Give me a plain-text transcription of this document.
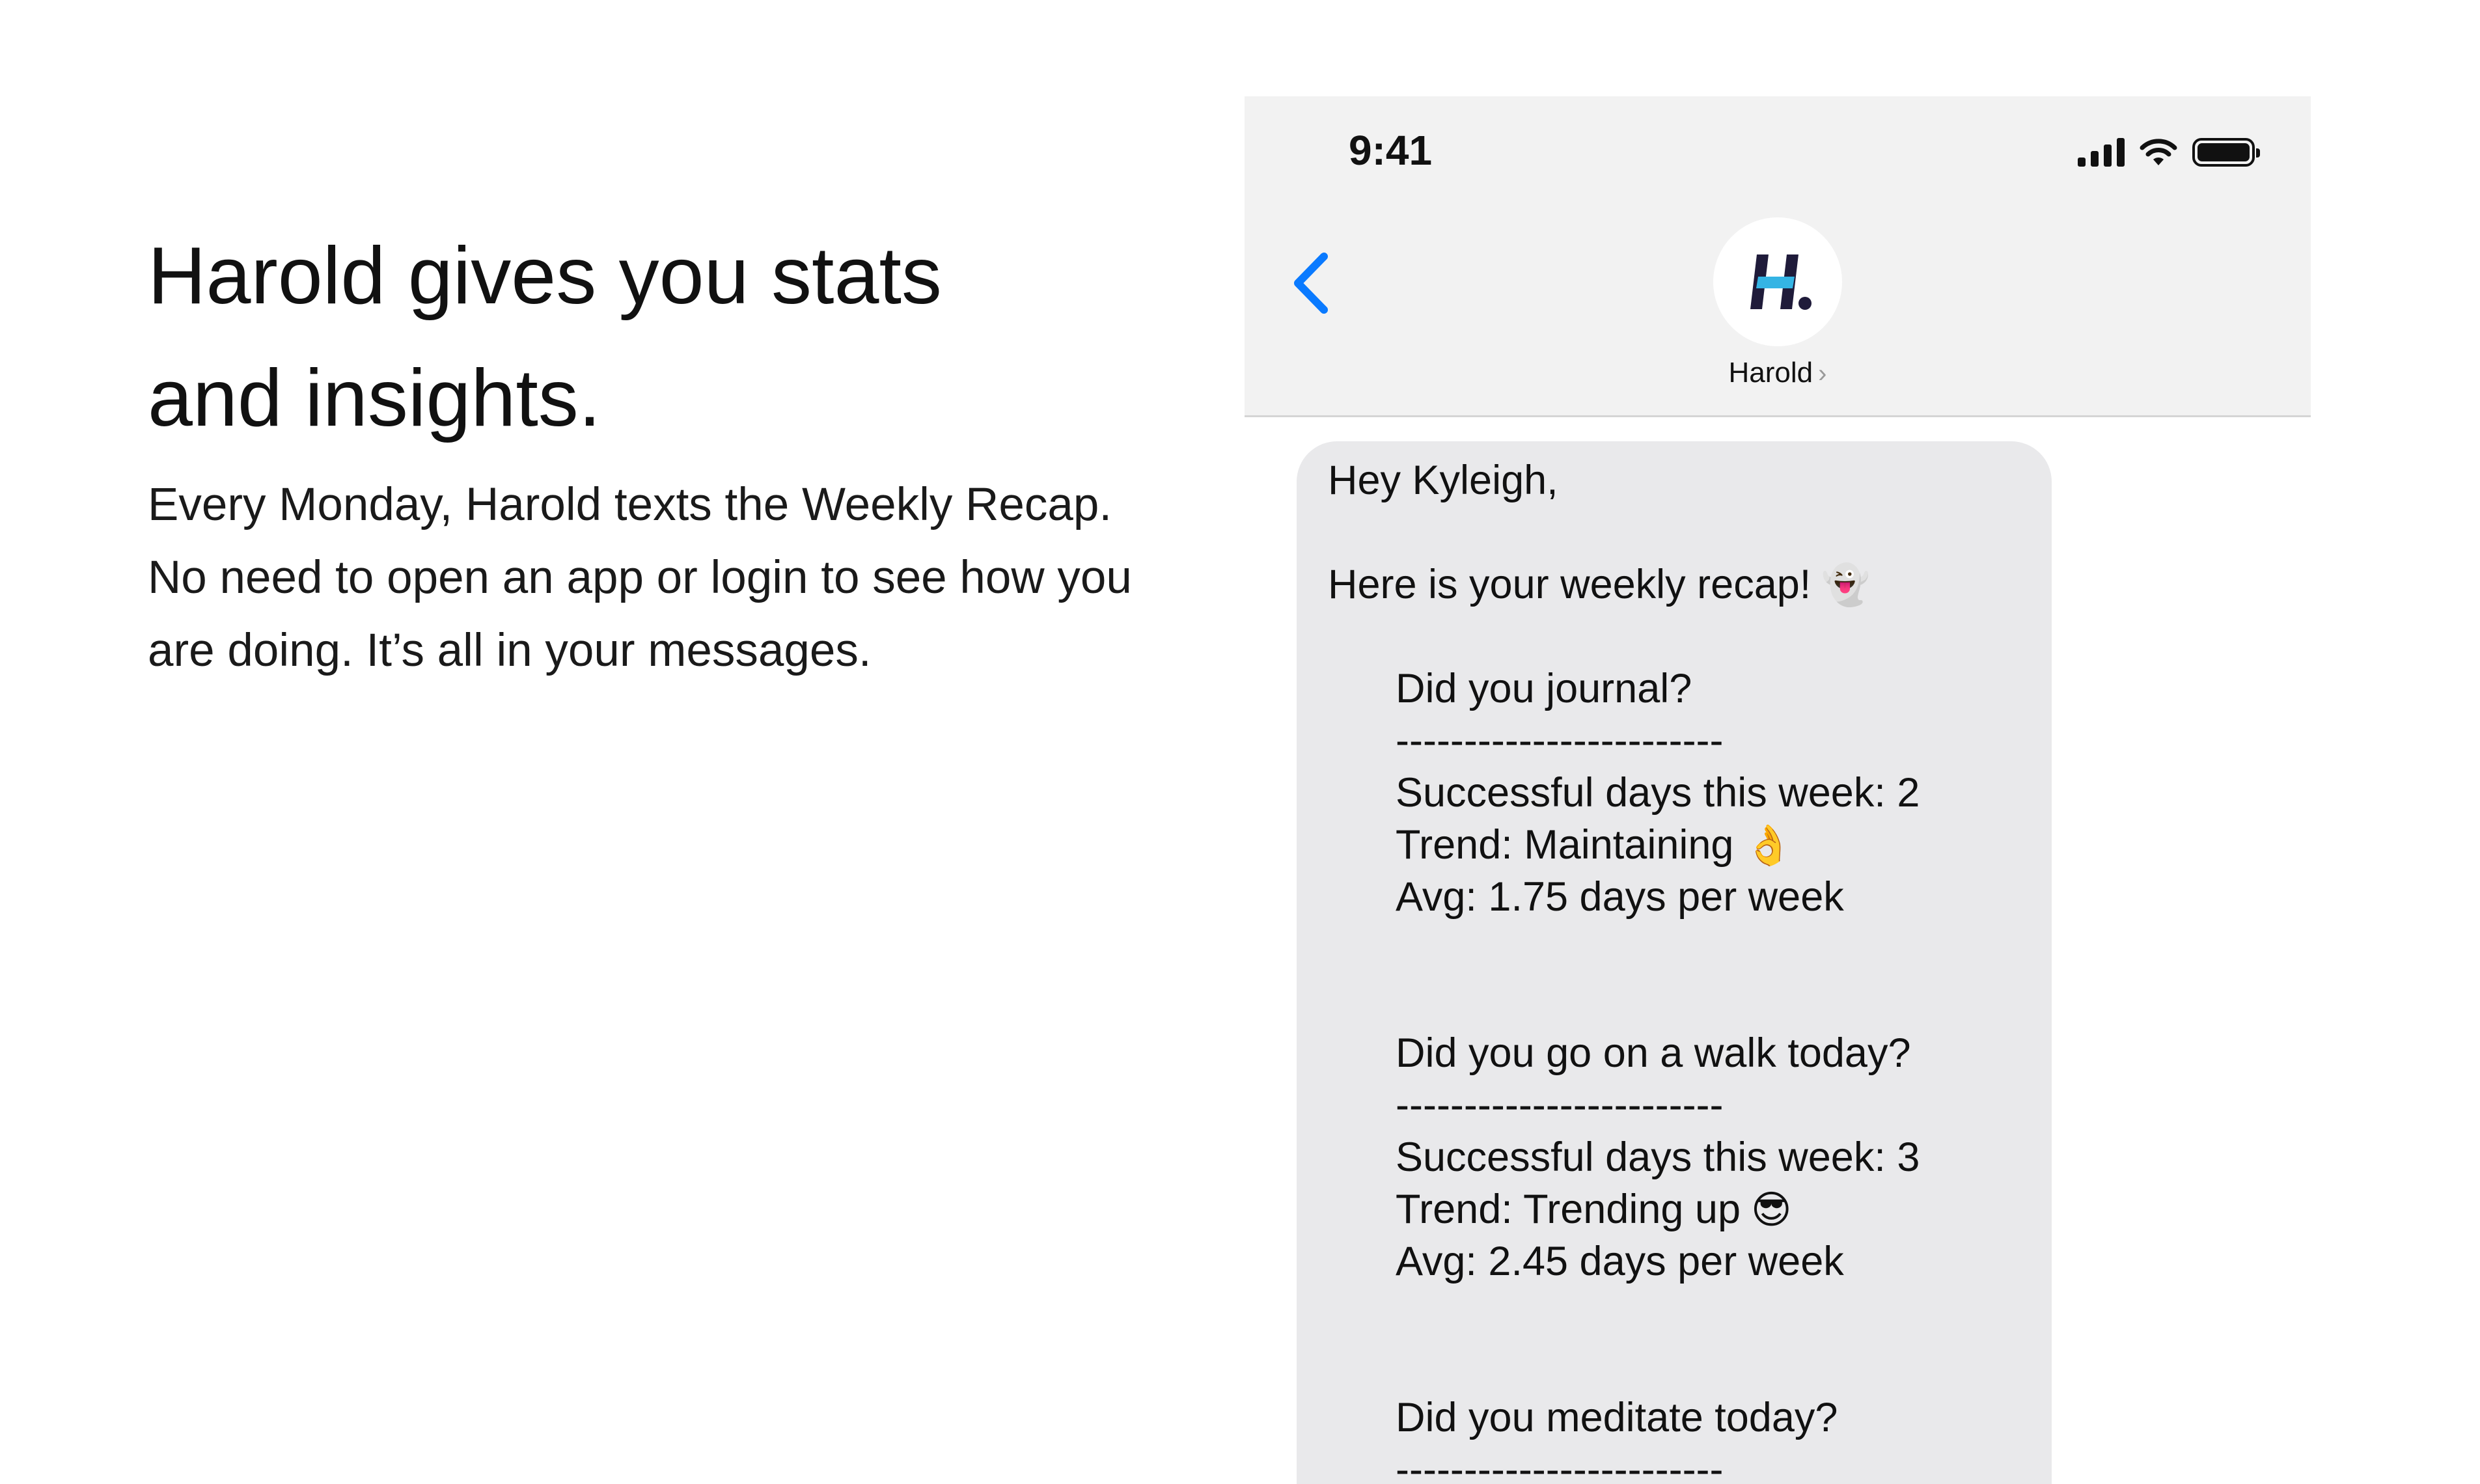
Harold gives you stats
and insights.

Every Monday, Harold texts the Weekly Recap.
No need to open an app or login to see how you
are doing. It’s all in your messages.

9:41
Harold ›
Hey Kyleigh,
Here is your weekly recap! 👻
Did you journal?
------------------------
Successful days this week: 2
Trend: Maintaining 👌
Avg: 1.75 days per week
Did you go on a walk today?
------------------------
Successful days this week: 3
Trend: Trending up 😎
Avg: 2.45 days per week
Did you meditate today?
------------------------
